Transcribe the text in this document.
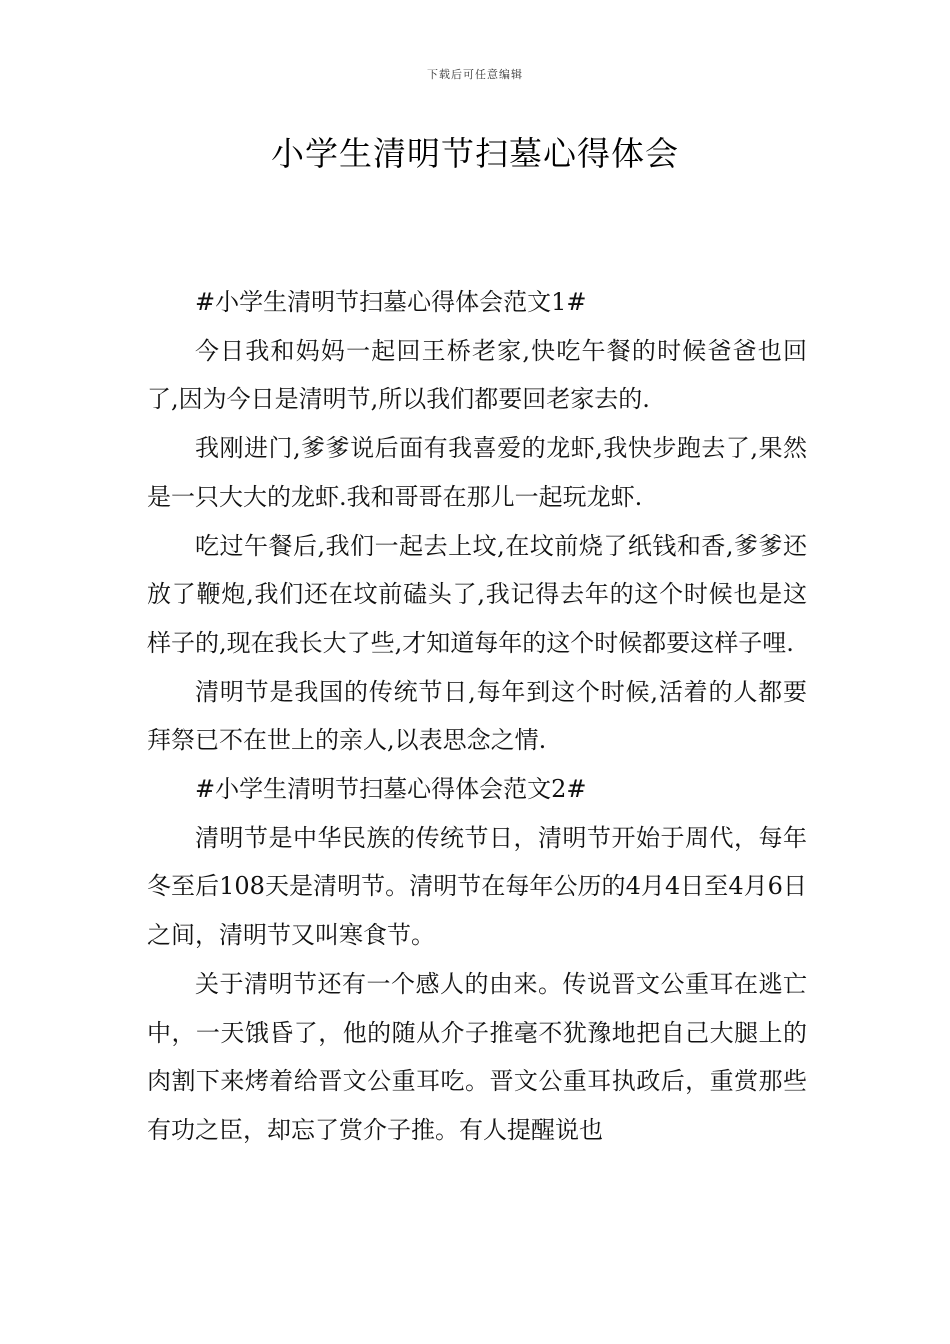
下载后可任意编辑
小学生清明节扫墓心得体会

#小学生清明节扫墓心得体会范文1#

今日我和妈妈一起回王桥老家,快吃午餐的时候爸爸也回了,因为今日是清明节,所以我们都要回老家去的.

我刚进门,爹爹说后面有我喜爱的龙虾,我快步跑去了,果然是一只大大的龙虾.我和哥哥在那儿一起玩龙虾.

吃过午餐后,我们一起去上坟,在坟前烧了纸钱和香,爹爹还放了鞭炮,我们还在坟前磕头了,我记得去年的这个时候也是这样子的,现在我长大了些,才知道每年的这个时候都要这样子哩.

清明节是我国的传统节日,每年到这个时候,活着的人都要拜祭已不在世上的亲人,以表思念之情.

#小学生清明节扫墓心得体会范文2#

清明节是中华民族的传统节日，清明节开始于周代，每年冬至后108天是清明节。清明节在每年公历的4月4日至4月6日之间，清明节又叫寒食节。

关于清明节还有一个感人的由来。传说晋文公重耳在逃亡中，一天饿昏了，他的随从介子推毫不犹豫地把自己大腿上的肉割下来烤着给晋文公重耳吃。晋文公重耳执政后，重赏那些有功之臣，却忘了赏介子推。有人提醒说也
